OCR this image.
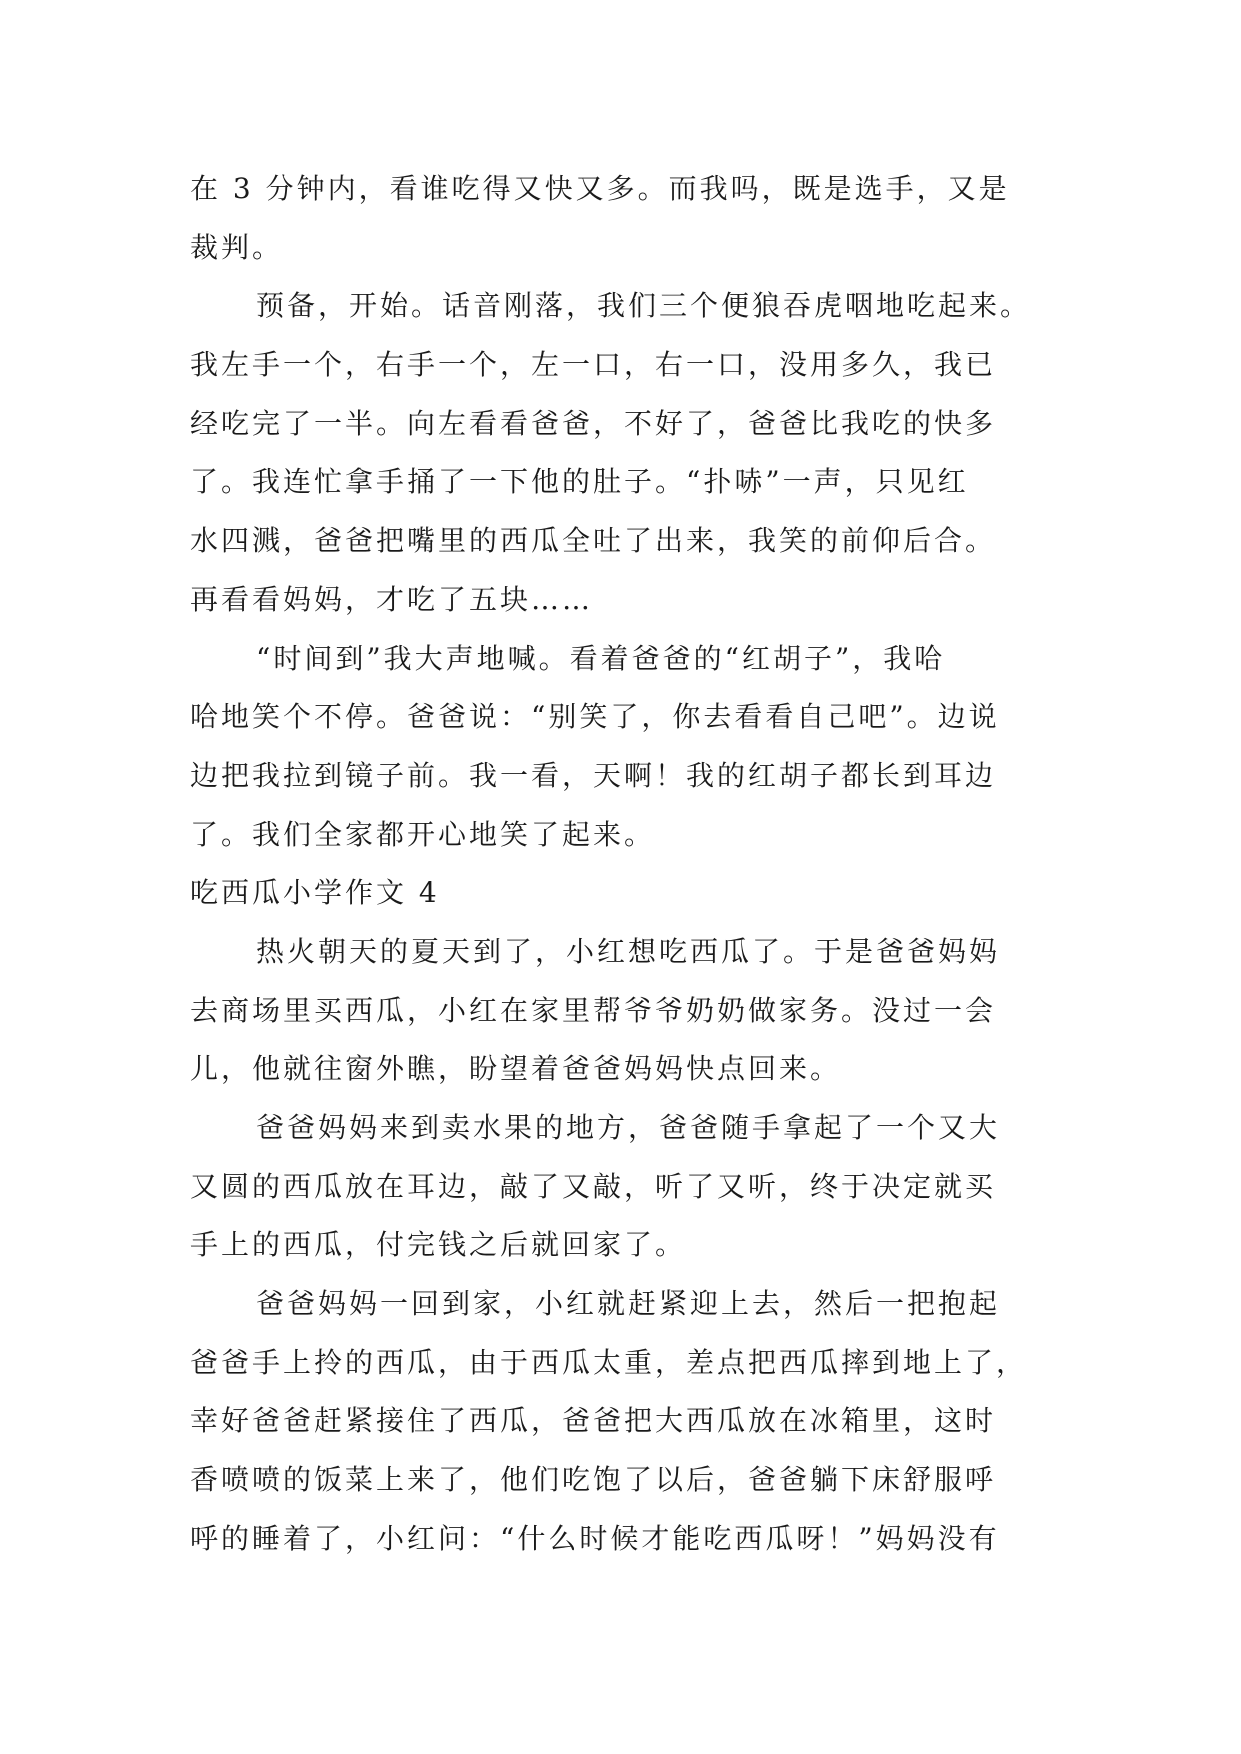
在 3 分钟内，看谁吃得又快又多。而我吗，既是选手，又是
裁判。
预备，开始。话音刚落，我们三个便狼吞虎咽地吃起来。
我左手一个，右手一个，左一口，右一口，没用多久，我已
经吃完了一半。向左看看爸爸，不好了，爸爸比我吃的快多
了。我连忙拿手捅了一下他的肚子。“扑哧”一声，只见红
水四溅，爸爸把嘴里的西瓜全吐了出来，我笑的前仰后合。
再看看妈妈，才吃了五块……
“时间到”我大声地喊。看着爸爸的“红胡子”，我哈
哈地笑个不停。爸爸说：“别笑了，你去看看自己吧”。边说
边把我拉到镜子前。我一看，天啊！我的红胡子都长到耳边
了。我们全家都开心地笑了起来。
吃西瓜小学作文 4
热火朝天的夏天到了，小红想吃西瓜了。于是爸爸妈妈
去商场里买西瓜，小红在家里帮爷爷奶奶做家务。没过一会
儿，他就往窗外瞧，盼望着爸爸妈妈快点回来。
爸爸妈妈来到卖水果的地方，爸爸随手拿起了一个又大
又圆的西瓜放在耳边，敲了又敲，听了又听，终于决定就买
手上的西瓜，付完钱之后就回家了。
爸爸妈妈一回到家，小红就赶紧迎上去，然后一把抱起
爸爸手上拎的西瓜，由于西瓜太重，差点把西瓜摔到地上了，
幸好爸爸赶紧接住了西瓜，爸爸把大西瓜放在冰箱里，这时
香喷喷的饭菜上来了，他们吃饱了以后，爸爸躺下床舒服呼
呼的睡着了，小红问：“什么时候才能吃西瓜呀！”妈妈没有
